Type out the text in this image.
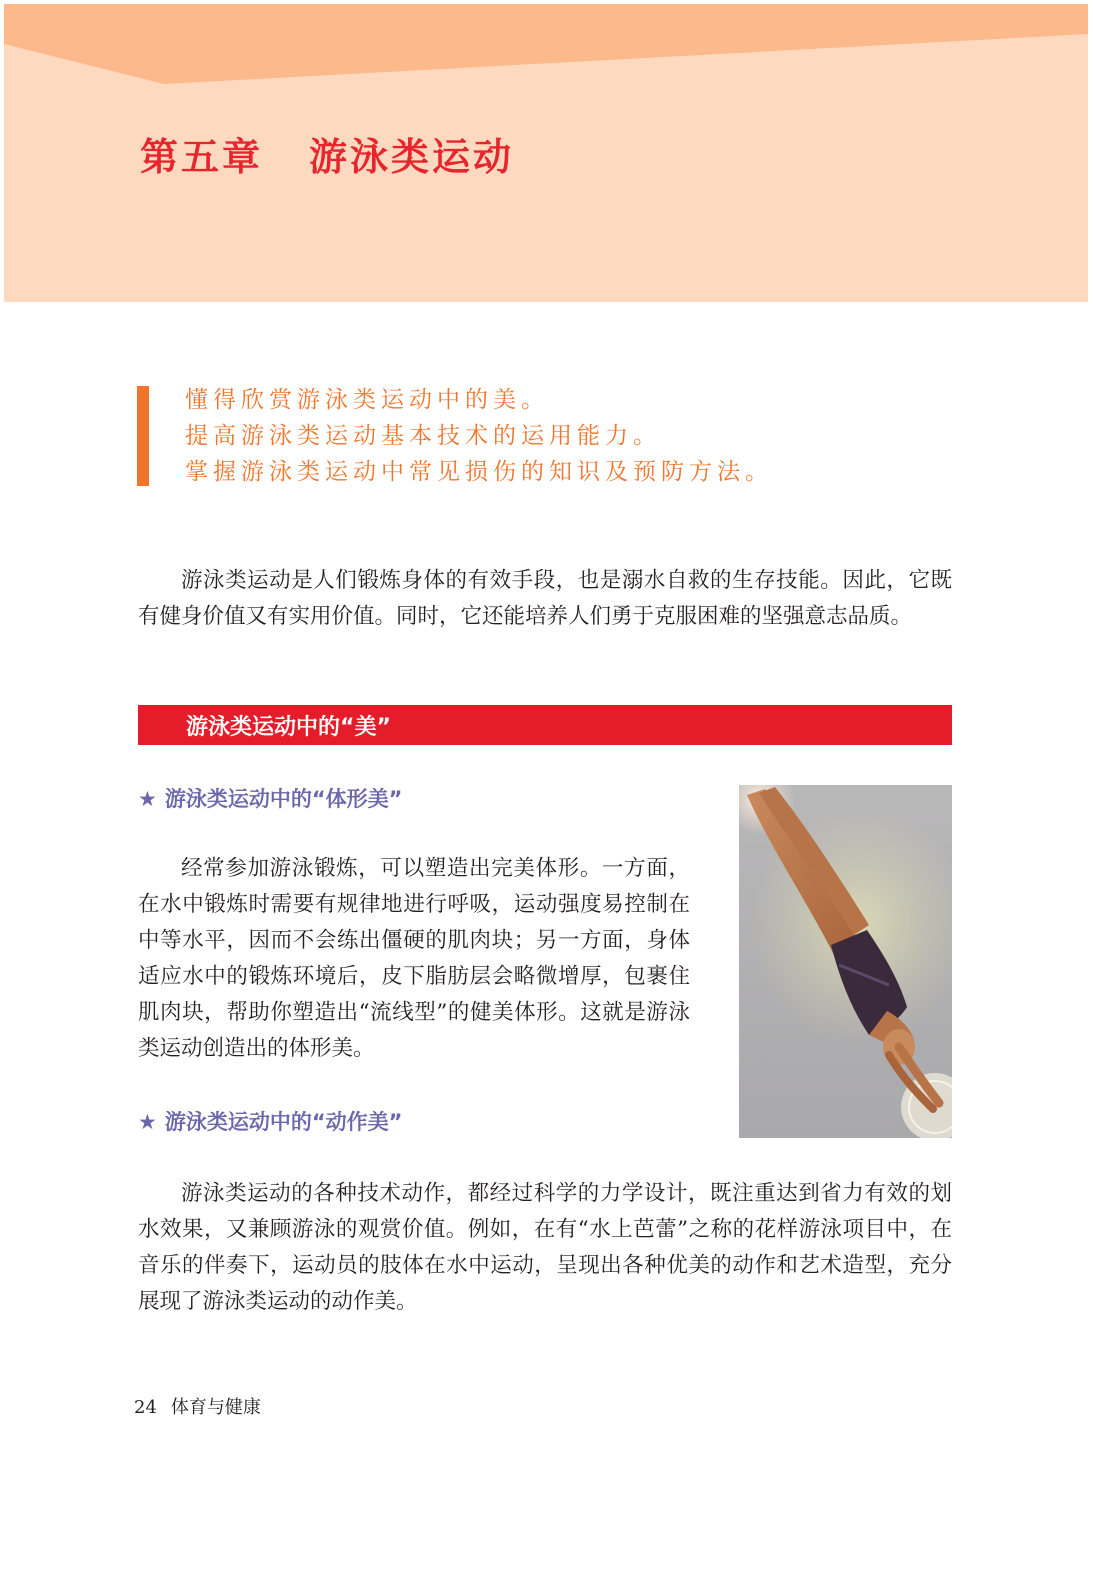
第五章 游泳类运动
懂得欣赏游泳类运动中的美。
提高游泳类运动基本技术的运用能力。
掌握游泳类运动中常见损伤的知识及预防方法。

游泳类运动是人们锻炼身体的有效手段，也是溺水自救的生存技能。因此，它既有健身价值又有实用价值。同时，它还能培养人们勇于克服困难的坚强意志品质。

游泳类运动中的“美”
★ 游泳类运动中的“体形美”

经常参加游泳锻炼，可以塑造出完美体形。一方面，在水中锻炼时需要有规律地进行呼吸，运动强度易控制在中等水平，因而不会练出僵硬的肌肉块；另一方面，身体适应水中的锻炼环境后，皮下脂肪层会略微增厚，包裹住肌肉块，帮助你塑造出“流线型”的健美体形。这就是游泳类运动创造出的体形美。

★ 游泳类运动中的“动作美”

游泳类运动的各种技术动作，都经过科学的力学设计，既注重达到省力有效的划水效果，又兼顾游泳的观赏价值。例如，在有“水上芭蕾”之称的花样游泳项目中，在音乐的伴奏下，运动员的肢体在水中运动，呈现出各种优美的动作和艺术造型，充分展现了游泳类运动的动作美。

24 体育与健康
